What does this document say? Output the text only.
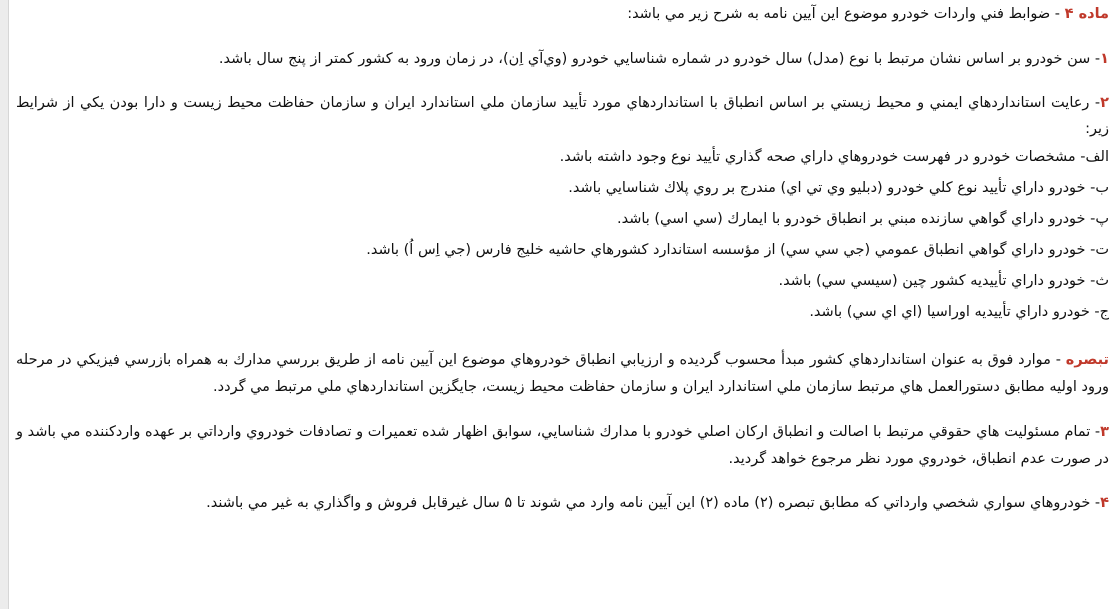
ماده ۴ - ضوابط فني واردات خودرو موضوع اين آيين نامه به شرح زير مي باشد:

۱- سن خودرو بر اساس نشان مرتبط با نوع (مدل) سال خودرو در شماره شناسايي خودرو (وي‌آي اِن)، در زمان ورود به كشور كمتر از پنج سال باشد.

۲- رعايت استانداردهاي ايمني و محيط زيستي بر اساس انطباق با استانداردهاي مورد تأييد سازمان ملي استاندارد ايران و سازمان حفاظت محيط زيست و دارا بودن يكي از شرايط زير:

الف- مشخصات خودرو در فهرست خودروهاي داراي صحه گذاري تأييد نوع وجود داشته باشد.

ب- خودرو داراي تأييد نوع كلي خودرو (دبليو وي تي اي) مندرج بر روي پلاك شناسايي باشد.

پ- خودرو داراي گواهي سازنده مبني بر انطباق خودرو با ايمارك (سي اسي) باشد.

ت- خودرو داراي گواهي انطباق عمومي (جي سي سي) از مؤسسه استاندارد كشورهاي حاشيه خليج فارس (جي اِس اُ) باشد.

ث- خودرو داراي تأييديه كشور چين (سيسي سي) باشد.

ج- خودرو داراي تأييديه اوراسيا (اي اي سي) باشد.

تبصره - موارد فوق به عنوان استانداردهاي كشور مبدأ محسوب گرديده و ارزيابي انطباق خودروهاي موضوع اين آيين نامه از طريق بررسي مدارك به همراه بازرسي فيزيكي در مرحله ورود اوليه مطابق دستورالعمل هاي مرتبط سازمان ملي استاندارد ايران و سازمان حفاظت محيط زيست، جايگزين استانداردهاي ملي مرتبط مي گردد.

۳- تمام مسئوليت هاي حقوقي مرتبط با اصالت و انطباق اركان اصلي خودرو با مدارك شناسايي، سوابق اظهار شده تعميرات و تصادفات خودروي وارداتي بر عهده واردكننده مي باشد و در صورت عدم انطباق، خودروي مورد نظر مرجوع خواهد گرديد.

۴- خودروهاي سواري شخصي وارداتي كه مطابق تبصره (۲) ماده (۲) اين آيين نامه وارد مي شوند تا ۵ سال غيرقابل فروش و واگذاري به غير مي باشند.
